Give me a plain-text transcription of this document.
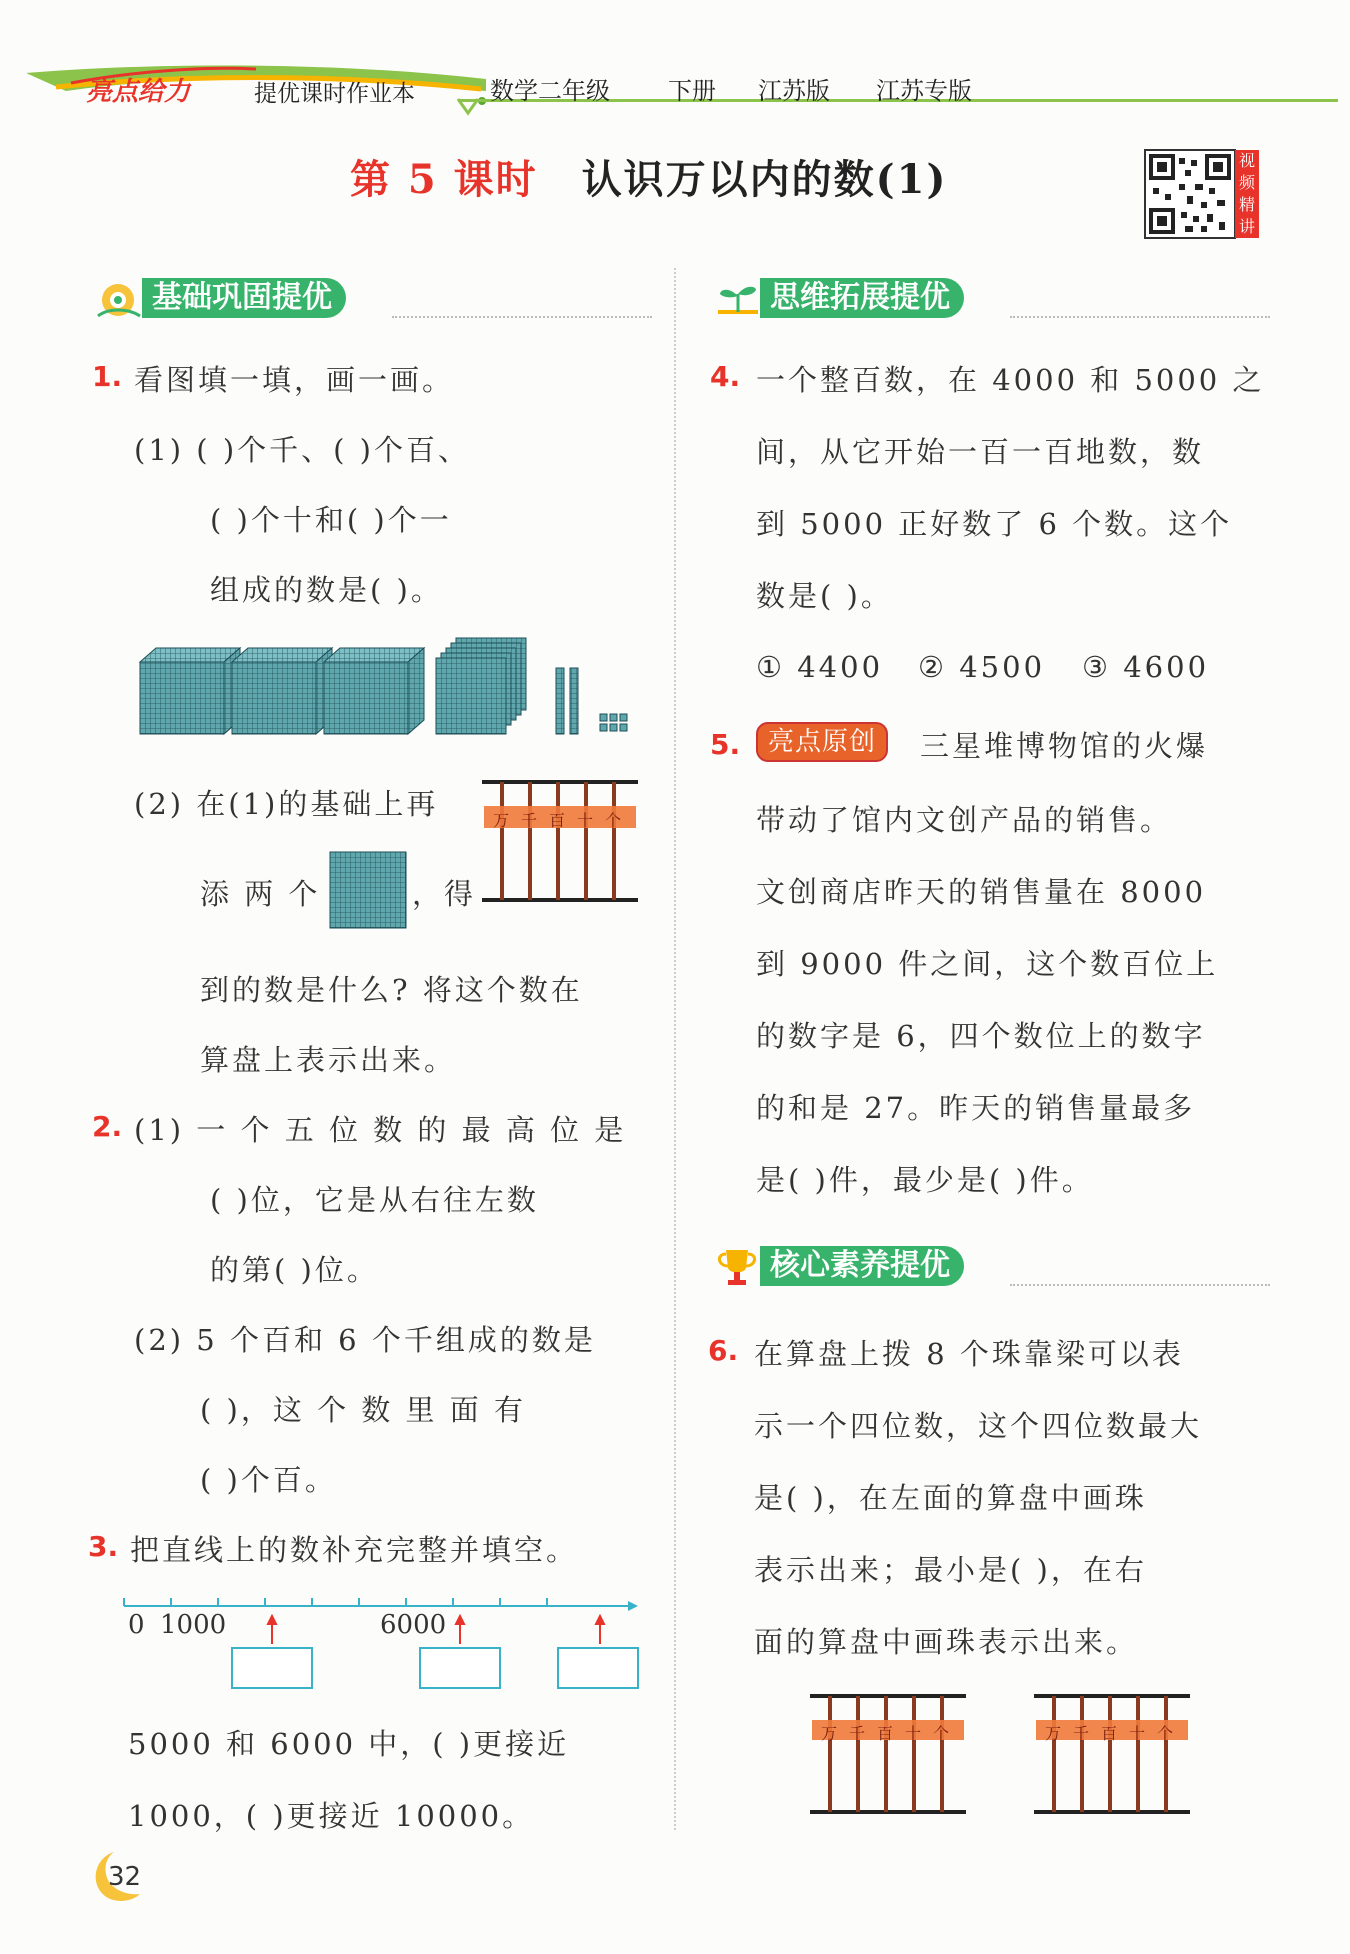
亮点给力	提优课时作业本	数学二年级 下册 江苏版 江苏专版
第 5 课时 认识万以内的数(1)	视频精讲
基础巩固提优	思维拓展提优
核心素养提优
1. 看图填一填，画一画。
(1) ( )个千、( )个百、
( )个十和( )个一
组成的数是( )。
(2) 在(1)的基础上再
添 两 个	，得
到的数是什么? 将这个数在
算盘上表示出来。
万 千 百 十 个
2. (1) 一 个 五 位 数 的 最 高 位 是
( )位，它是从右往左数
的第( )位。
(2) 5 个百和 6 个千组成的数是
( )，这 个 数 里 面 有
( )个百。
3. 把直线上的数补充完整并填空。
0 1000	6000
5000 和 6000 中，( )更接近
1000，( )更接近 10000。
4. 一个整百数，在 4000 和 5000 之
间，从它开始一百一百地数，数
到 5000 正好数了 6 个数。这个
数是( )。
① 4400 ② 4500 ③ 4600
5.	亮点原创	三星堆博物馆的火爆
带动了馆内文创产品的销售。
文创商店昨天的销售量在 8000
到 9000 件之间，这个数百位上
的数字是 6，四个数位上的数字
的和是 27。昨天的销售量最多
是( )件，最少是( )件。
6. 在算盘上拨 8 个珠靠梁可以表
示一个四位数，这个四位数最大
是( )，在左面的算盘中画珠
表示出来；最小是( )，在右
面的算盘中画珠表示出来。
万 千 百 十 个	万 千 百 十 个
32
